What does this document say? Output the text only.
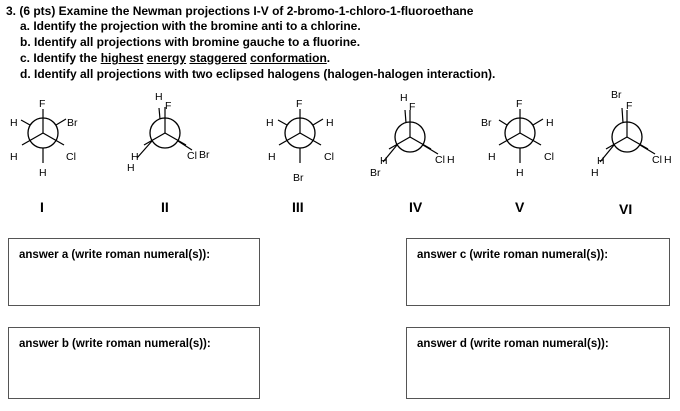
3. (6 pts) Examine the Newman projections I-V of 2-bromo-1-chloro-1-fluoroethane
a. Identify the projection with the bromine anti to a chlorine.
b. Identify all projections with bromine gauche to a fluorine.
c. Identify the highest energy staggered conformation.
d. Identify all projections with two eclipsed halogens (halogen-halogen interaction).
F
H	Br
H	Cl
H
I
H
F
H
H
Cl Br
II
F
H	H
H	Cl
Br
III
H
F
H
Br
Cl H
IV
F
Br	H
H	Cl
H
V
Br
F
H
H
Cl H
VI
answer a (write roman numeral(s)):	answer c (write roman numeral(s)):
answer b (write roman numeral(s)):	answer d (write roman numeral(s)):
